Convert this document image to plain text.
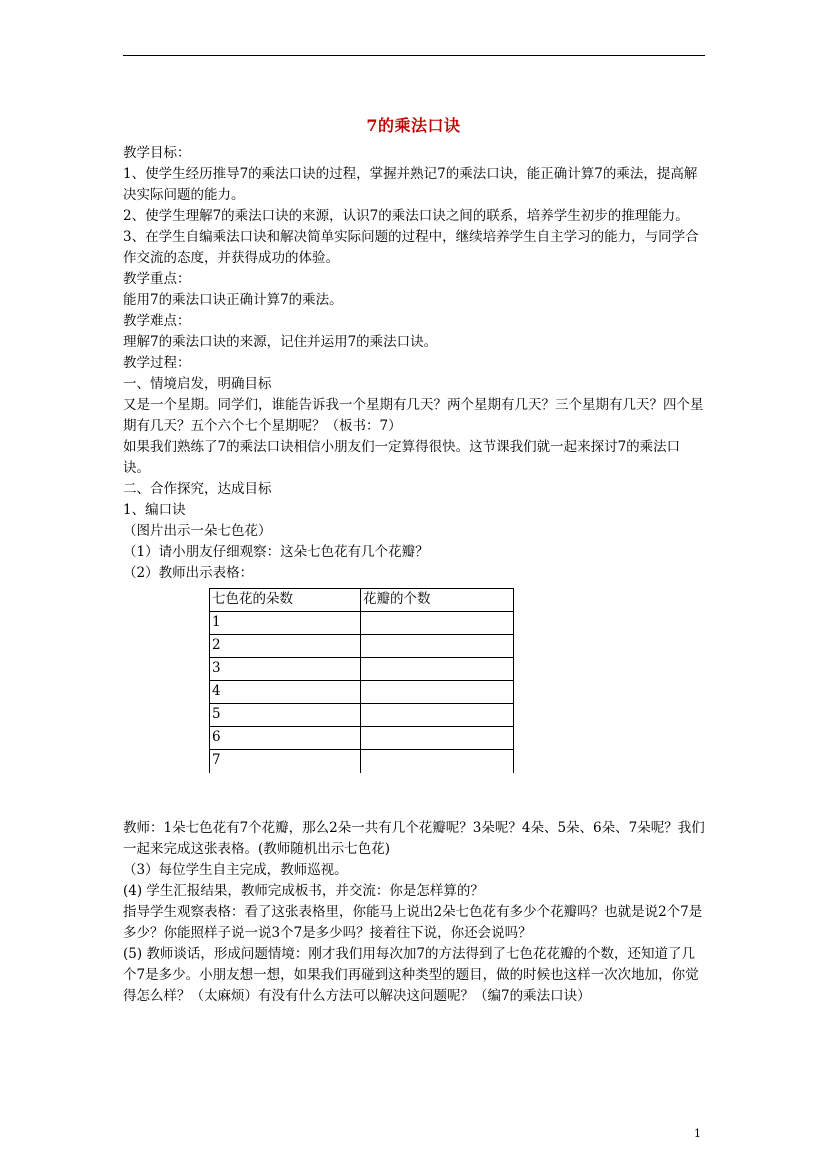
7的乘法口诀

教学目标：

1、使学生经历推导7的乘法口诀的过程，掌握并熟记7的乘法口诀，能正确计算7的乘法，提高解决实际问题的能力。

2、使学生理解7的乘法口诀的来源，认识7的乘法口诀之间的联系，培养学生初步的推理能力。

3、在学生自编乘法口诀和解决简单实际问题的过程中，继续培养学生自主学习的能力，与同学合作交流的态度，并获得成功的体验。

教学重点：

能用7的乘法口诀正确计算7的乘法。

教学难点：

理解7的乘法口诀的来源，记住并运用7的乘法口诀。

教学过程：

一、情境启发，明确目标

又是一个星期。同学们，谁能告诉我一个星期有几天？两个星期有几天？三个星期有几天？四个星期有几天？五个六个七个星期呢？（板书：7）

如果我们熟练了7的乘法口诀相信小朋友们一定算得很快。这节课我们就一起来探讨7的乘法口诀。

二、合作探究，达成目标

1、编口诀

（图片出示一朵七色花）

（1）请小朋友仔细观察：这朵七色花有几个花瓣？

（2）教师出示表格：

七色花的朵数	花瓣的个数
1	
2	
3	
4	
5	
6	
7	

教师：1朵七色花有7个花瓣，那么2朵一共有几个花瓣呢？3朵呢？4朵、5朵、6朵、7朵呢？我们一起来完成这张表格。(教师随机出示七色花)

（3）每位学生自主完成，教师巡视。

(4) 学生汇报结果，教师完成板书，并交流：你是怎样算的？

指导学生观察表格：看了这张表格里，你能马上说出2朵七色花有多少个花瓣吗？也就是说2个7是多少？你能照样子说一说3个7是多少吗？接着往下说，你还会说吗？

(5) 教师谈话，形成问题情境：刚才我们用每次加7的方法得到了七色花花瓣的个数，还知道了几个7是多少。小朋友想一想，如果我们再碰到这种类型的题目，做的时候也这样一次次地加，你觉得怎么样？（太麻烦）有没有什么方法可以解决这问题呢？（编7的乘法口诀）

1
